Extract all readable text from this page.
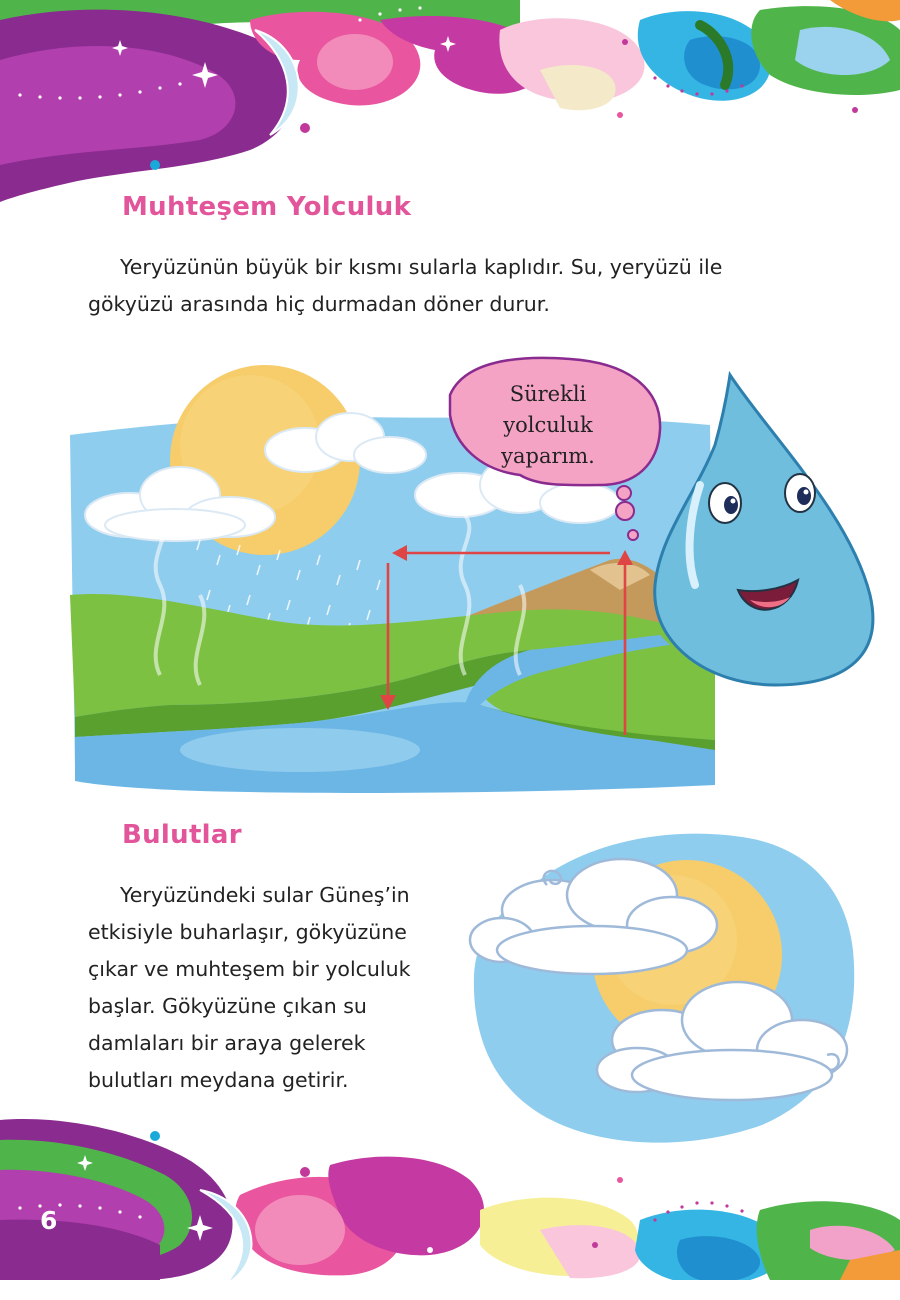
Muhteşem Yolculuk
Yeryüzünün büyük bir kısmı sularla kaplıdır. Su, yeryüzü ile
gökyüzü arasında hiç durmadan döner durur.
Sürekli
yolculuk
yaparım.
Bulutlar
Yeryüzündeki sular Güneş’in
etkisiyle buharlaşır, gökyüzüne
çıkar ve muhteşem bir yolculuk
başlar. Gökyüzüne çıkan su
damlaları bir araya gelerek
bulutları meydana getirir.
6
